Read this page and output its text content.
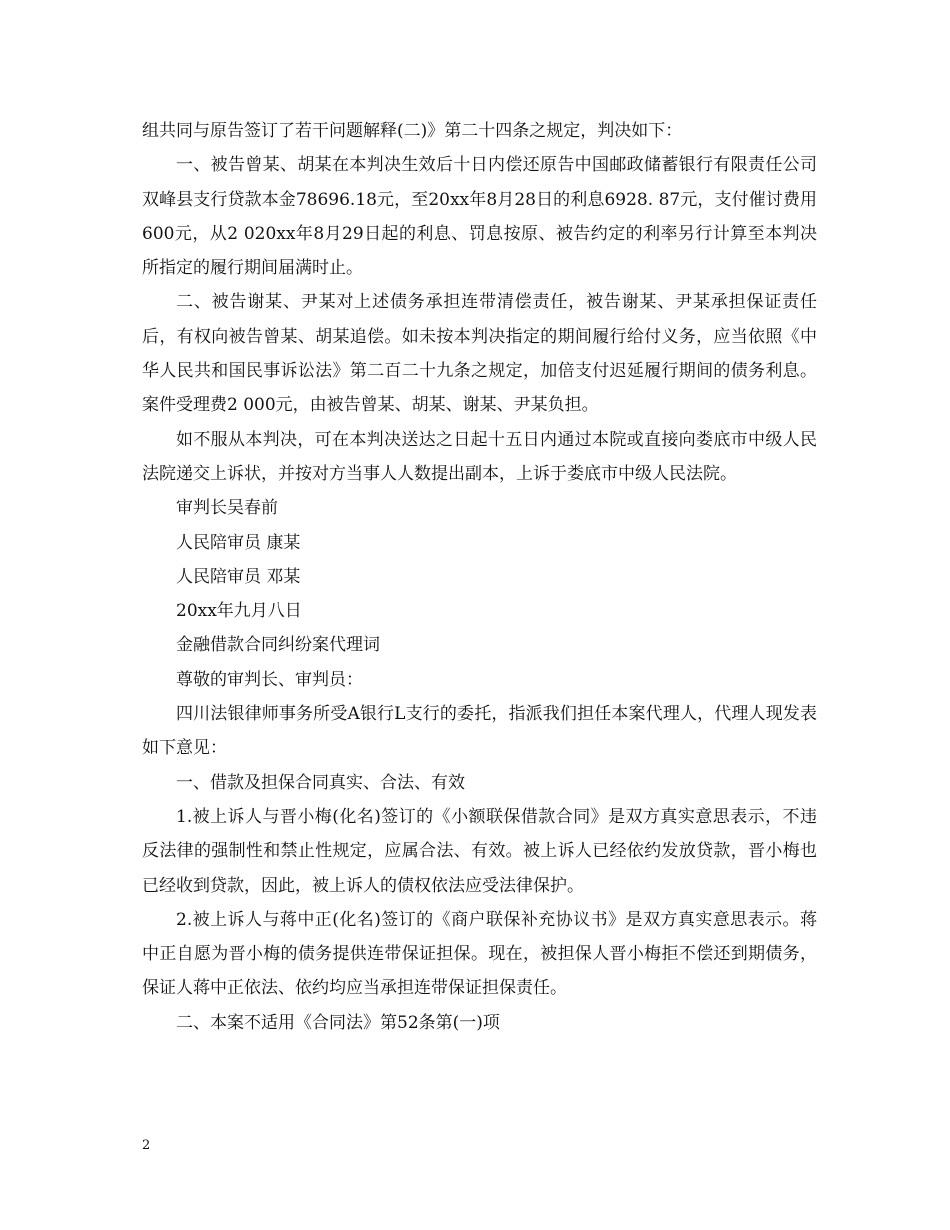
组共同与原告签订了若干问题解释(二)》第二十四条之规定，判决如下：

一、被告曾某、胡某在本判决生效后十日内偿还原告中国邮政储蓄银行有限责任公司双峰县支行贷款本金78696.18元，至20xx年8月28日的利息6928. 87元，支付催讨费用600元，从2 020xx年8月29日起的利息、罚息按原、被告约定的利率另行计算至本判决所指定的履行期间届满时止。

二、被告谢某、尹某对上述债务承担连带清偿责任，被告谢某、尹某承担保证责任后，有权向被告曾某、胡某追偿。如未按本判决指定的期间履行给付义务，应当依照《中华人民共和国民事诉讼法》第二百二十九条之规定，加倍支付迟延履行期间的债务利息。案件受理费2 000元，由被告曾某、胡某、谢某、尹某负担。

如不服从本判决，可在本判决送达之日起十五日内通过本院或直接向娄底市中级人民法院递交上诉状，并按对方当事人人数提出副本，上诉于娄底市中级人民法院。

审判长吴春前
人民陪审员 康某
人民陪审员 邓某
20xx年九月八日
金融借款合同纠纷案代理词
尊敬的审判长、审判员：

四川法银律师事务所受A银行L支行的委托，指派我们担任本案代理人，代理人现发表如下意见：

一、借款及担保合同真实、合法、有效

1.被上诉人与晋小梅(化名)签订的《小额联保借款合同》是双方真实意思表示，不违反法律的强制性和禁止性规定，应属合法、有效。被上诉人已经依约发放贷款，晋小梅也已经收到贷款，因此，被上诉人的债权依法应受法律保护。

2.被上诉人与蒋中正(化名)签订的《商户联保补充协议书》是双方真实意思表示。蒋中正自愿为晋小梅的债务提供连带保证担保。现在，被担保人晋小梅拒不偿还到期债务，保证人蒋中正依法、依约均应当承担连带保证担保责任。

二、本案不适用《合同法》第52条第(一)项

2
